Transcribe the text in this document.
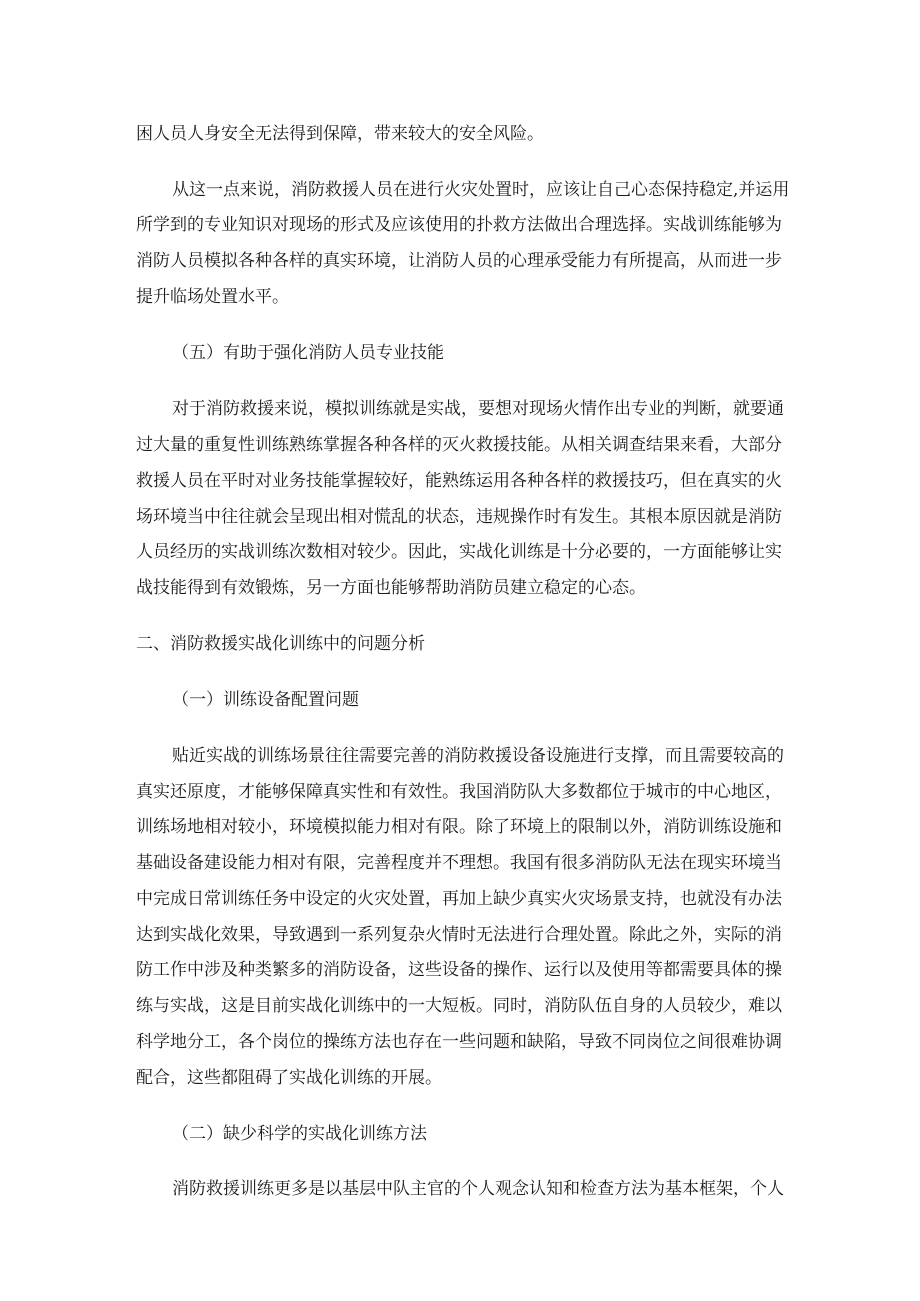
困人员人身安全无法得到保障，带来较大的安全风险。
从这一点来说，消防救援人员在进行火灾处置时，应该让自己心态保持稳定,并运用
所学到的专业知识对现场的形式及应该使用的扑救方法做出合理选择。实战训练能够为
消防人员模拟各种各样的真实环境，让消防人员的心理承受能力有所提高，从而进一步
提升临场处置水平。
（五）有助于强化消防人员专业技能
对于消防救援来说，模拟训练就是实战，要想对现场火情作出专业的判断，就要通
过大量的重复性训练熟练掌握各种各样的灭火救援技能。从相关调查结果来看，大部分
救援人员在平时对业务技能掌握较好，能熟练运用各种各样的救援技巧，但在真实的火
场环境当中往往就会呈现出相对慌乱的状态，违规操作时有发生。其根本原因就是消防
人员经历的实战训练次数相对较少。因此，实战化训练是十分必要的，一方面能够让实
战技能得到有效锻炼，另一方面也能够帮助消防员建立稳定的心态。
二、消防救援实战化训练中的问题分析
（一）训练设备配置问题
贴近实战的训练场景往往需要完善的消防救援设备设施进行支撑，而且需要较高的
真实还原度，才能够保障真实性和有效性。我国消防队大多数都位于城市的中心地区，
训练场地相对较小，环境模拟能力相对有限。除了环境上的限制以外，消防训练设施和
基础设备建设能力相对有限，完善程度并不理想。我国有很多消防队无法在现实环境当
中完成日常训练任务中设定的火灾处置，再加上缺少真实火灾场景支持，也就没有办法
达到实战化效果，导致遇到一系列复杂火情时无法进行合理处置。除此之外，实际的消
防工作中涉及种类繁多的消防设备，这些设备的操作、运行以及使用等都需要具体的操
练与实战，这是目前实战化训练中的一大短板。同时，消防队伍自身的人员较少，难以
科学地分工，各个岗位的操练方法也存在一些问题和缺陷，导致不同岗位之间很难协调
配合，这些都阻碍了实战化训练的开展。
（二）缺少科学的实战化训练方法
消防救援训练更多是以基层中队主官的个人观念认知和检查方法为基本框架，个人
